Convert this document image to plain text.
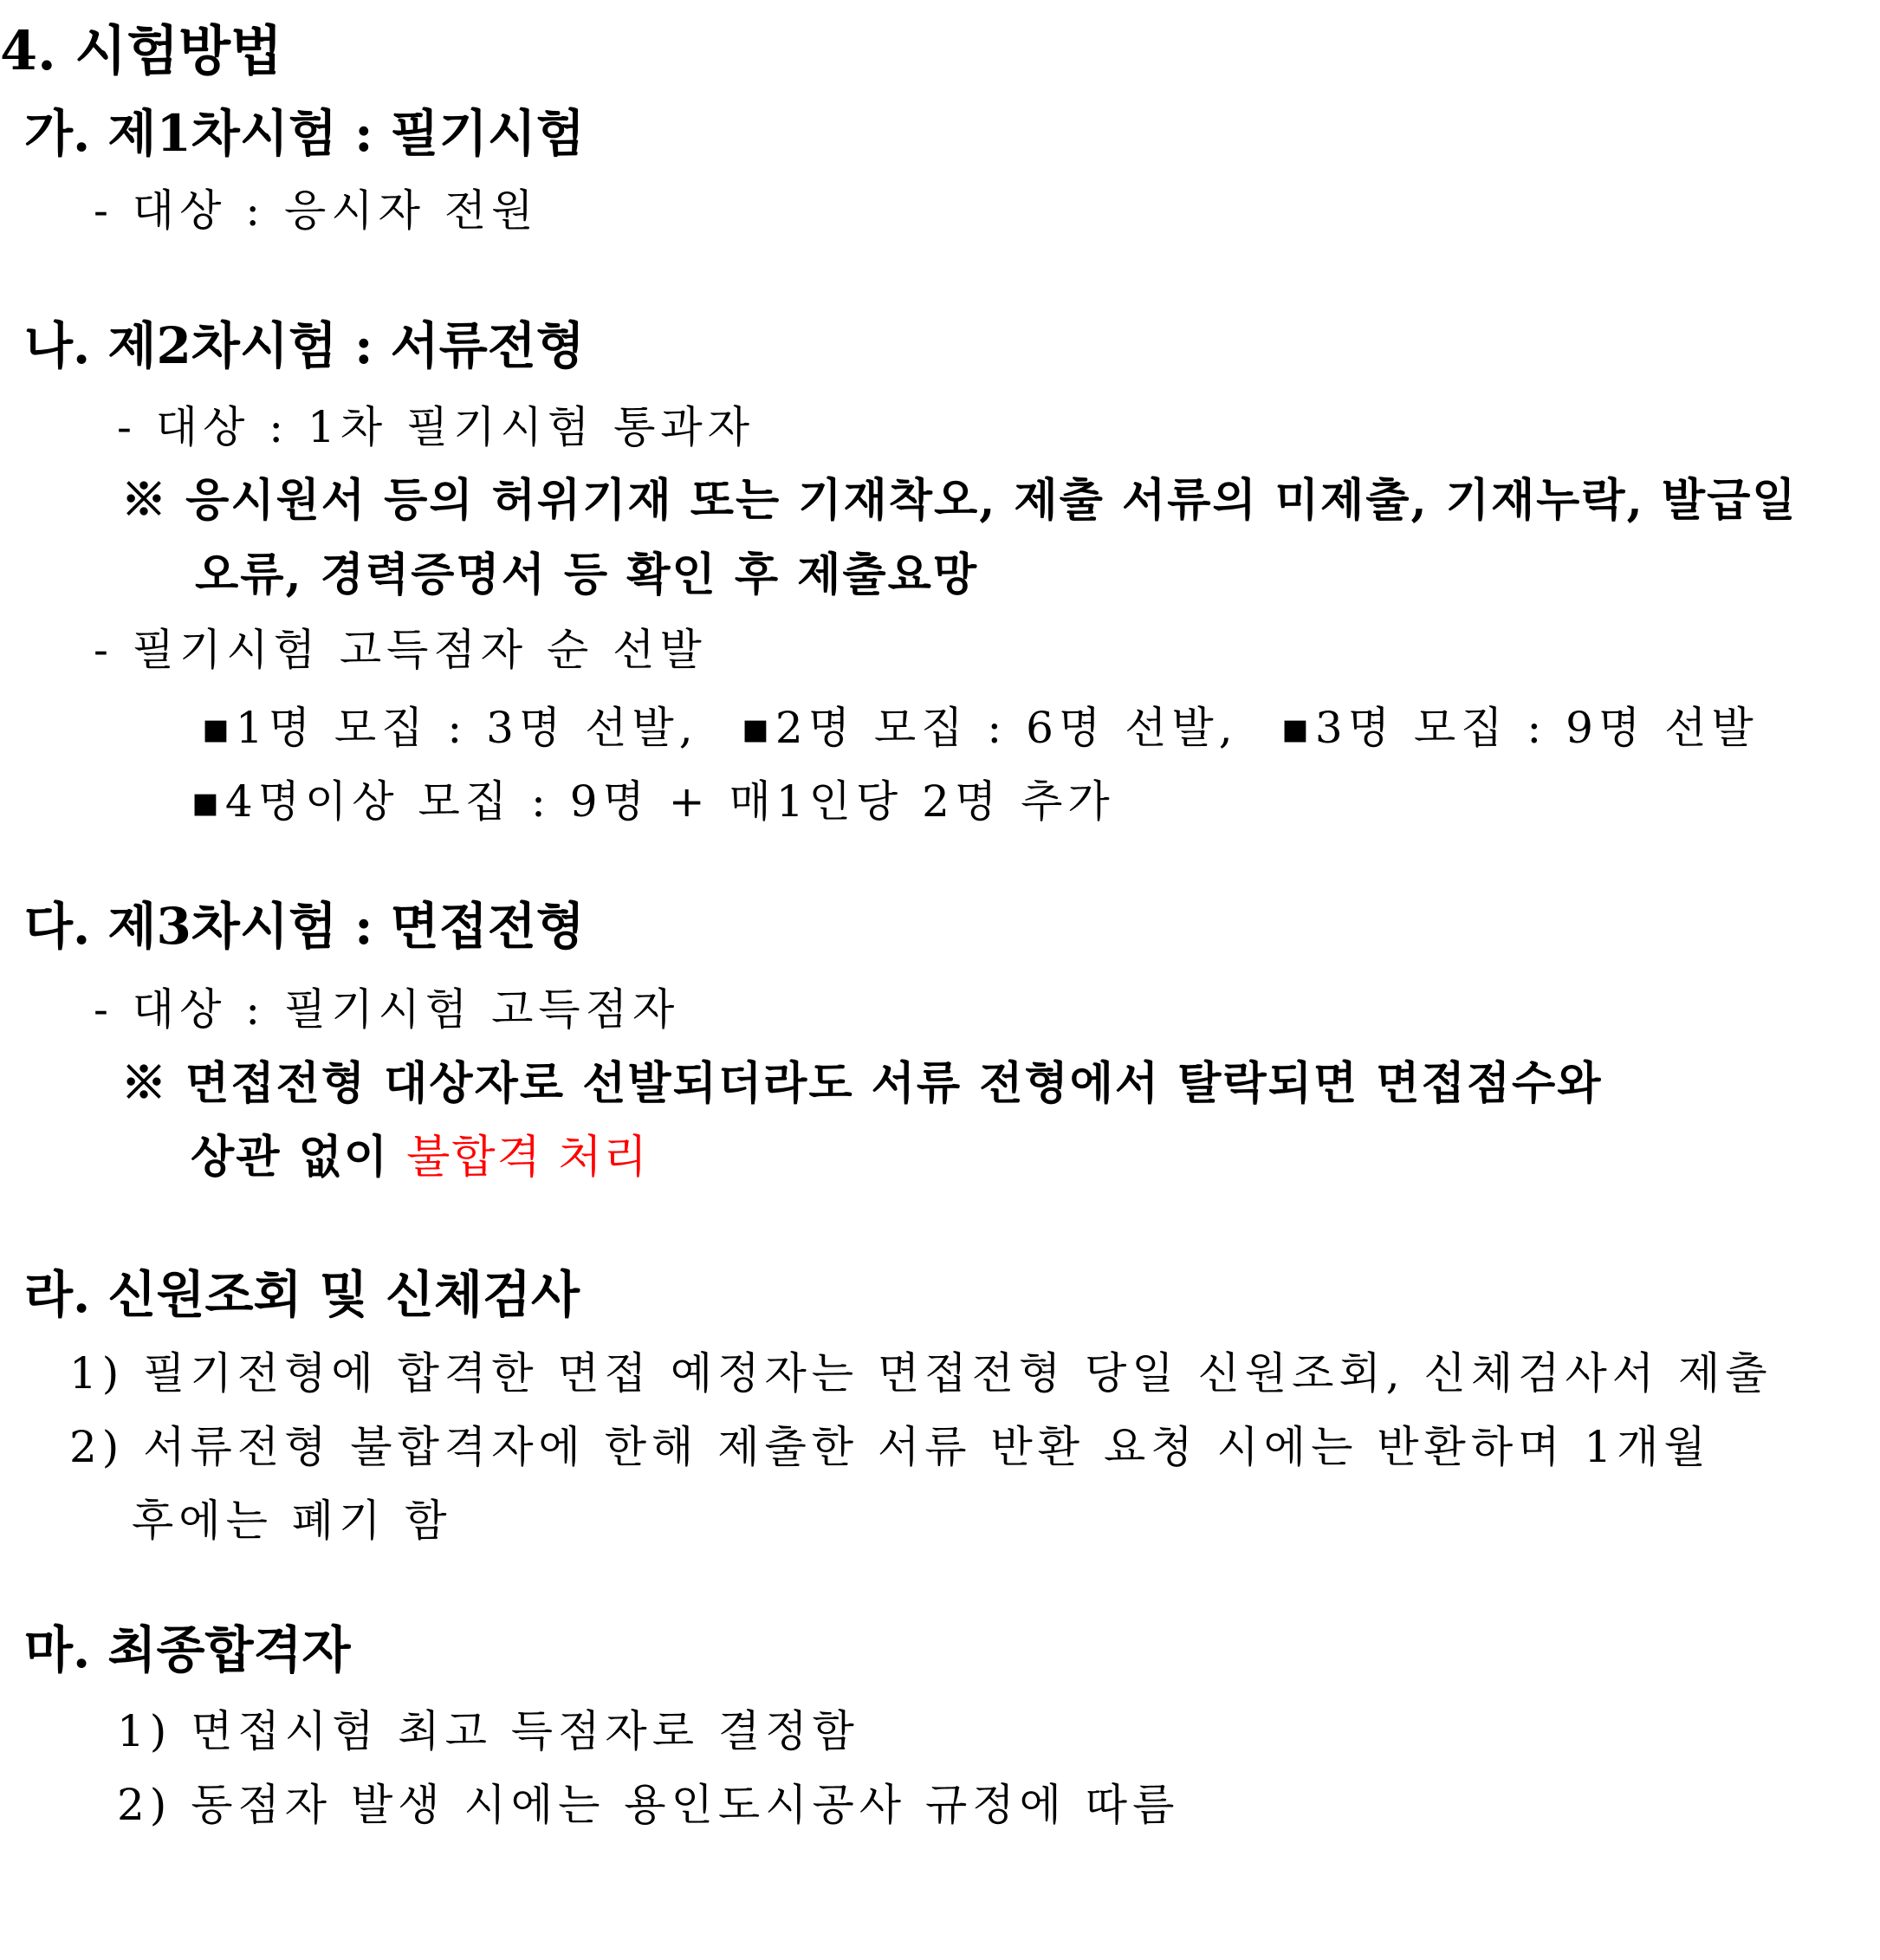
4. 시험방법
가. 제1차시험 : 필기시험
- 대상 : 응시자 전원
나. 제2차시험 : 서류전형
- 대상 : 1차 필기시험 통과자
※ 응시원서 등의 허위기재 또는 기재착오, 제출 서류의 미제출, 기재누락, 발급일
오류, 경력증명서 등 확인 후 제출요망
- 필기시험 고득점자 순 선발
▪1명 모집 : 3명 선발, ▪2명 모집 : 6명 선발, ▪3명 모집 : 9명 선발
▪4명이상 모집 : 9명 + 매1인당 2명 추가
다. 제3차시험 : 면접전형
- 대상 : 필기시험 고득점자
※ 면접전형 대상자로 선발되더라도 서류 전형에서 탈락되면 면접점수와
상관 없이 불합격 처리
라. 신원조회 및 신체검사
1) 필기전형에 합격한 면접 예정자는 면접전형 당일 신원조회, 신체검사서 제출
2) 서류전형 불합격자에 한해 제출한 서류 반환 요청 시에는 반환하며 1개월
후에는 폐기 함
마. 최종합격자
1) 면접시험 최고 득점자로 결정함
2) 동점자 발생 시에는 용인도시공사 규정에 따름
